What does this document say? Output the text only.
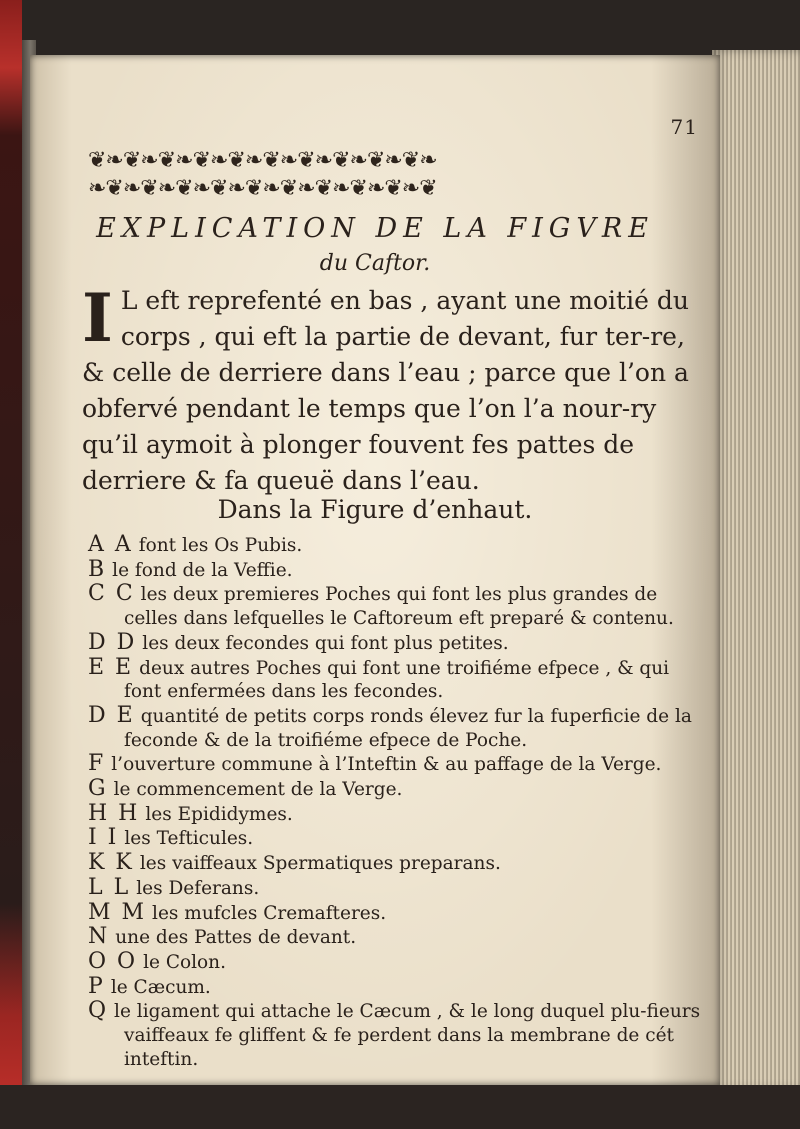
71
❦❧❦❧❦❧❦❧❦❧❦❧❦❧❦❧❦❧❦❧
❧❦❧❦❧❦❧❦❧❦❧❦❧❦❧❦❧❦❧❦
EXPLICATION DE LA FIGVRE
du Caftor.
I L eft reprefenté en bas , ayant une moitié du corps , qui eft la partie de devant, fur ter-re, & celle de derriere dans l’eau ; parce que l’on a obfervé pendant le temps que l’on l’a nour-ry qu’il aymoit à plonger fouvent fes pattes de derriere & fa queuë dans l’eau.
Dans la Figure d’enhaut.
A A font les Os Pubis.
B le fond de la Veffie.
C C les deux premieres Poches qui font les plus grandes de celles dans lefquelles le Caftoreum eft preparé & contenu.
D D les deux fecondes qui font plus petites.
E E deux autres Poches qui font une troifiéme efpece , & qui font enfermées dans les fecondes.
D E quantité de petits corps ronds élevez fur la fuperficie de la feconde & de la troifiéme efpece de Poche.
F l’ouverture commune à l’Inteftin & au paffage de la Verge.
G le commencement de la Verge.
H H les Epididymes.
I I les Tefticules.
K K les vaiffeaux Spermatiques preparans.
L L les Deferans.
M M les mufcles Cremafteres.
N une des Pattes de devant.
O O le Colon.
P le Cæcum.
Q le ligament qui attache le Cæcum , & le long duquel plu-fieurs vaiffeaux fe gliffent & fe perdent dans la membrane de cét inteftin.
